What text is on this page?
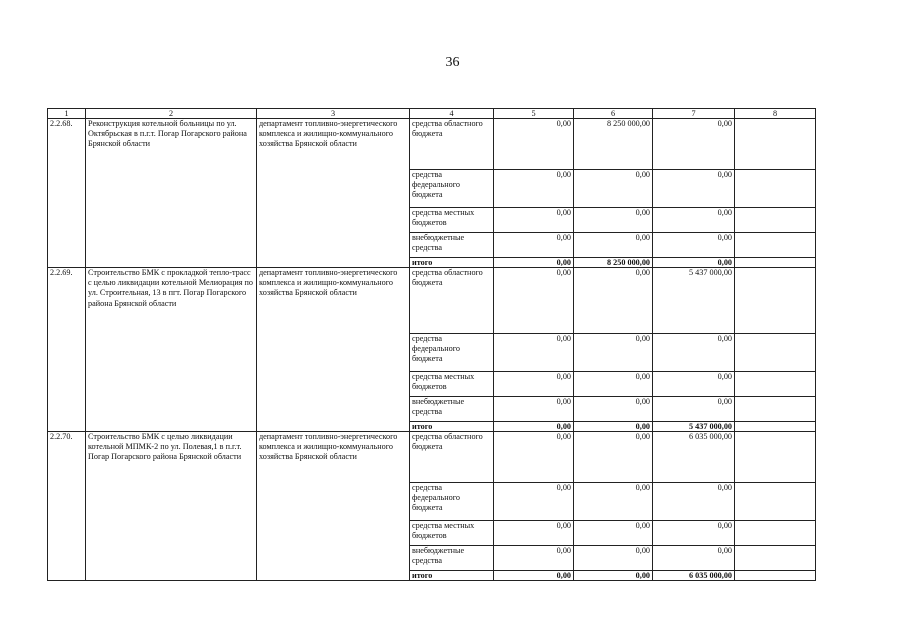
36
1	2	3	4	5	6	7	8
2.2.68.	Реконструкция котельной больницы по ул. Октябрьская в п.г.т. Погар Погарского района Брянской области	департамент топливно-энергетического комплекса и жилищно-коммунального хозяйства Брянской области	средства областного бюджета	0,00	8 250 000,00	0,00	
			средства федерального бюджета	0,00	0,00	0,00	
			средства местных бюджетов	0,00	0,00	0,00	
			внебюджетные средства	0,00	0,00	0,00	
			итого	0,00	8 250 000,00	0,00	
2.2.69.	Строительство БМК с прокладкой тепло-трасс с целью ликвидации котельной Мелиорация по ул. Строительная, 13 в пгт. Погар Погарского района Брянской области	департамент топливно-энергетического комплекса и жилищно-коммунального хозяйства Брянской области	средства областного бюджета	0,00	0,00	5 437 000,00	
			средства федерального бюджета	0,00	0,00	0,00	
			средства местных бюджетов	0,00	0,00	0,00	
			внебюджетные средства	0,00	0,00	0,00	
			итого	0,00	0,00	5 437 000,00	
2.2.70.	Строительство БМК с целью ликвидации котельной МПМК-2 по ул. Полевая,1 в п.г.т. Погар Погарского района Брянской области	департамент топливно-энергетического комплекса и жилищно-коммунального хозяйства Брянской области	средства областного бюджета	0,00	0,00	6 035 000,00	
			средства федерального бюджета	0,00	0,00	0,00	
			средства местных бюджетов	0,00	0,00	0,00	
			внебюджетные средства	0,00	0,00	0,00	
			итого	0,00	0,00	6 035 000,00	
